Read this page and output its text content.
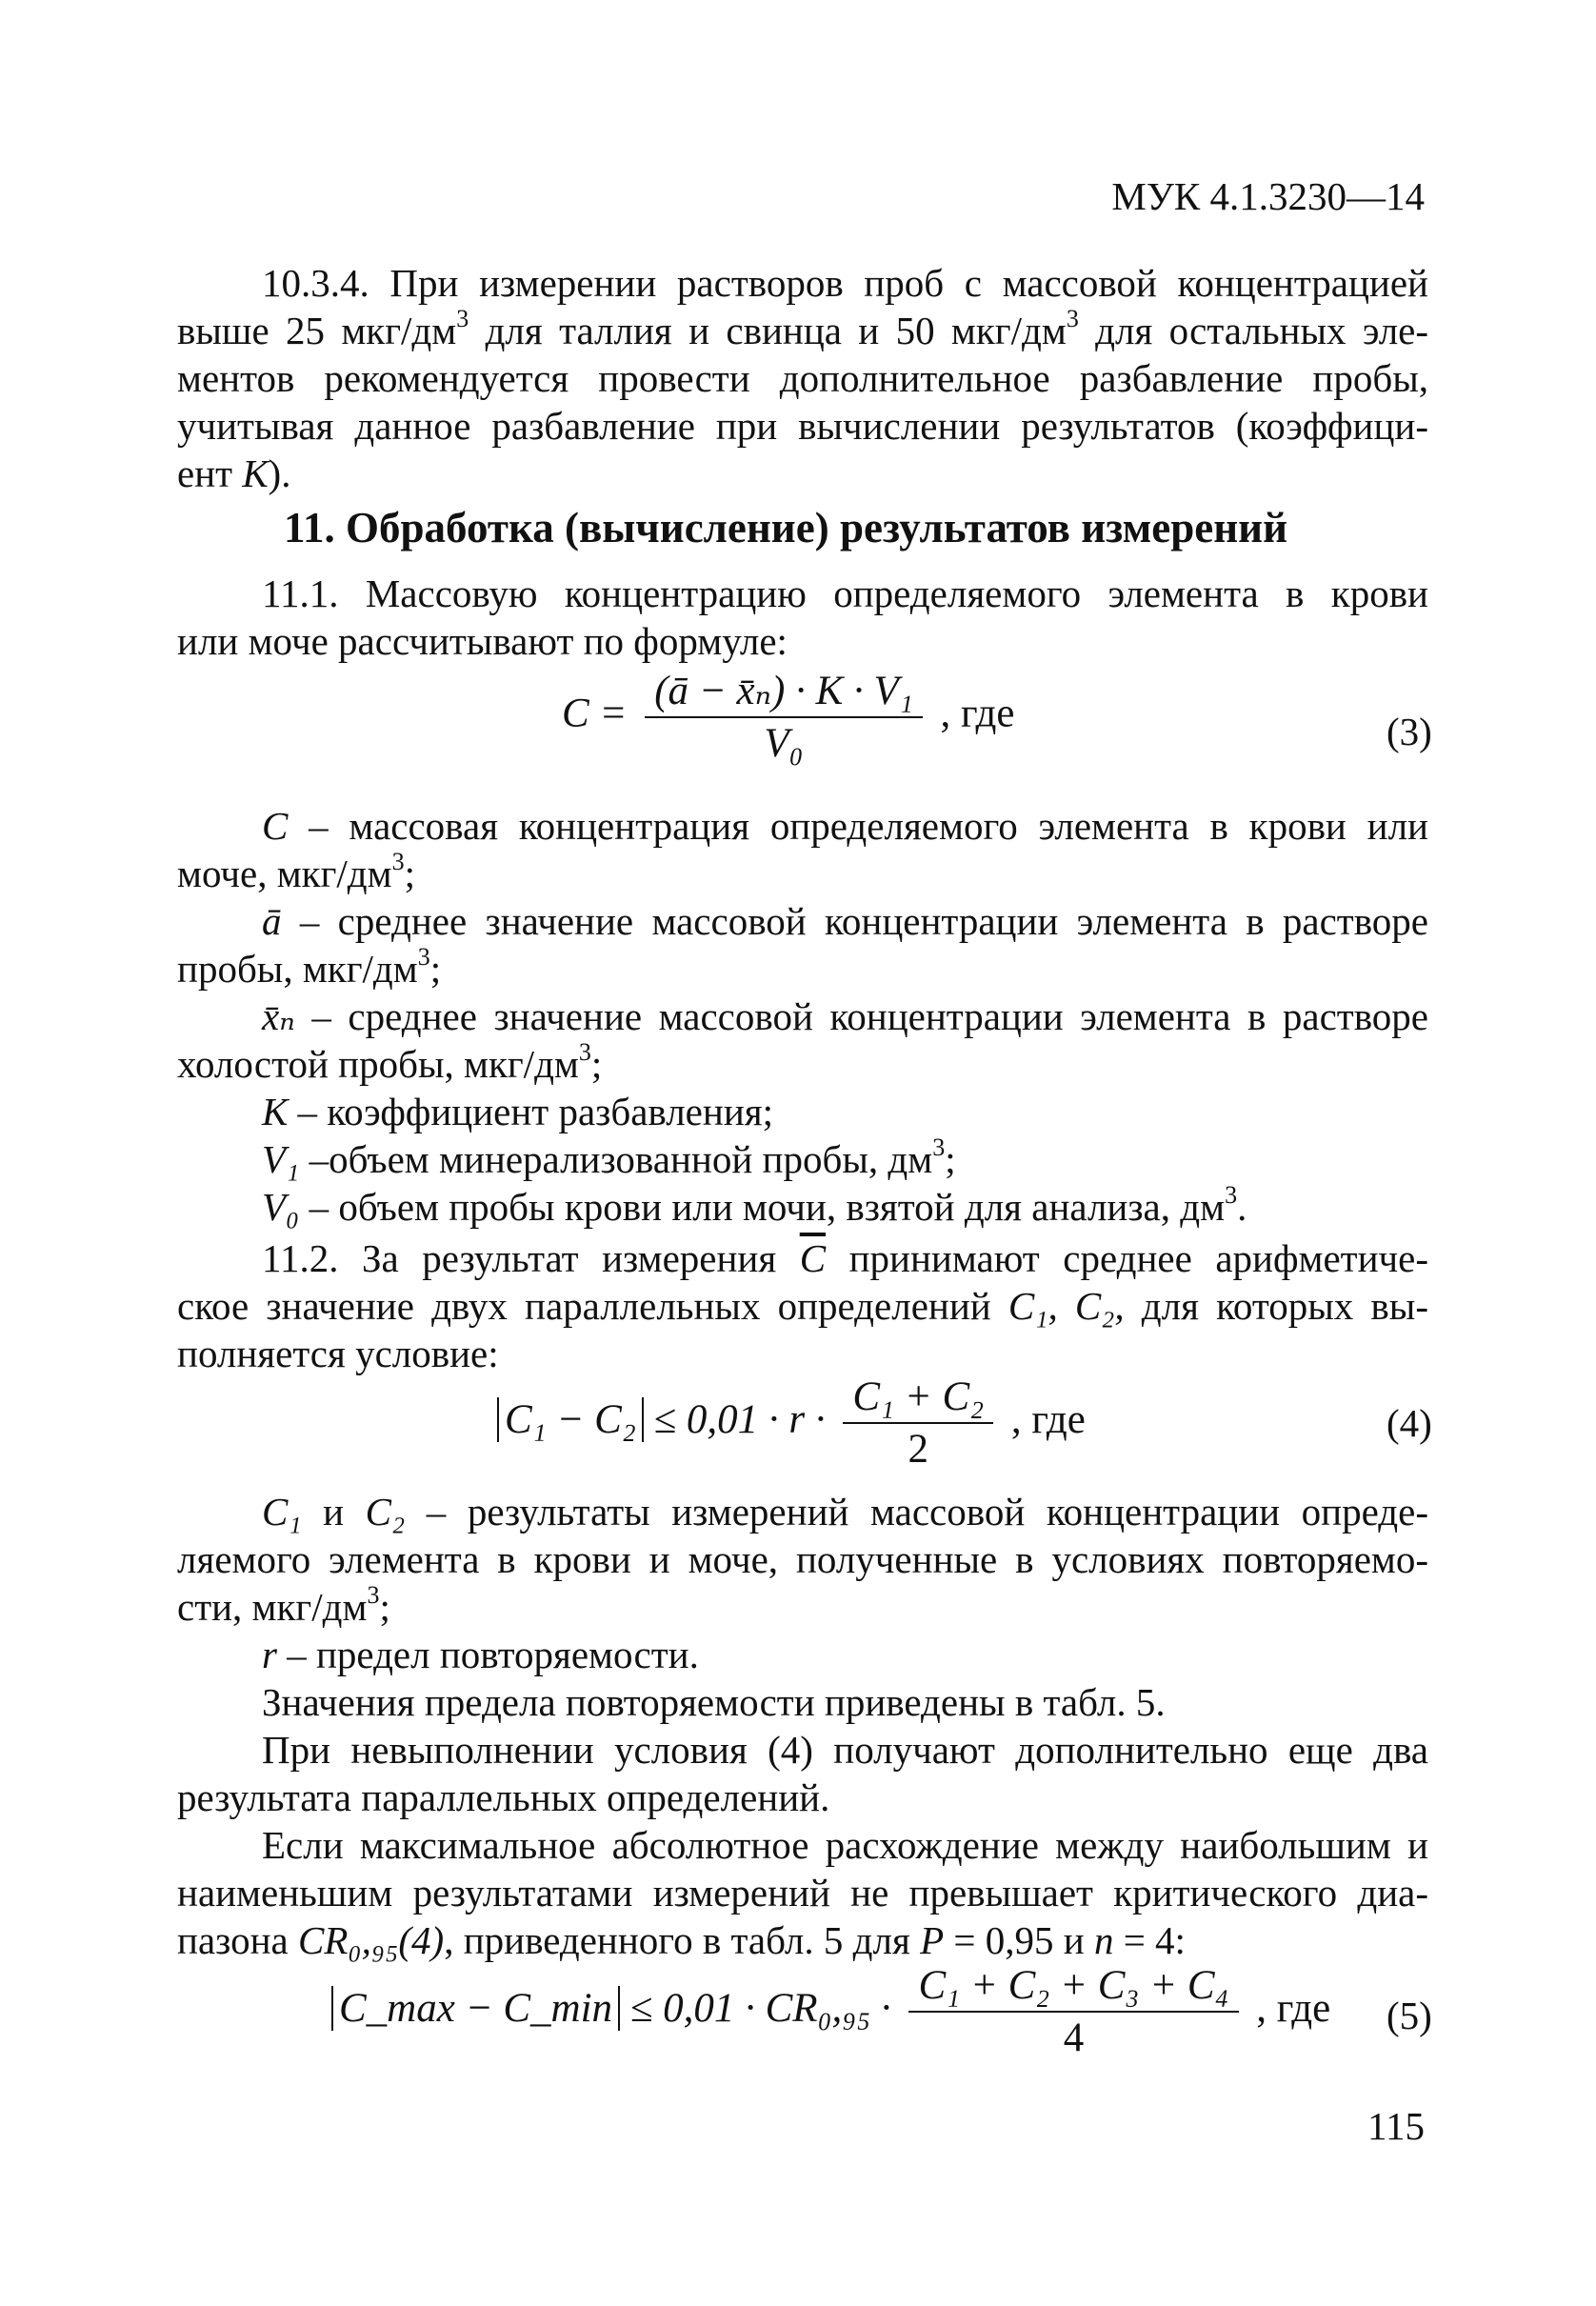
МУК 4.1.3230—14
10.3.4. При измерении растворов проб с массовой концентрацией
выше 25 мкг/$дм^3$ для таллия и свинца и 50 мкг/$дм^3$ для остальных эле-
ментов рекомендуется провести дополнительное разбавление пробы,
учитывая данное разбавление при вычислении результатов (коэффици-
ент К).
11. Обработка (вычисление) результатов измерений
11.1. Массовую концентрацию определяемого элемента в крови
или моче рассчитывают по формуле:
$C = \frac{\text{(ā − x̄ₙ) · K · V₁}}{\text{V₀}}$ , где	(3)
C – массовая концентрация определяемого элемента в крови или
моче, мкг/$дм^3$;
ā – среднее значение массовой концентрации элемента в растворе
пробы, мкг/$дм^3$;
x̄ₙ – среднее значение массовой концентрации элемента в растворе
холостой пробы, мкг/$дм^3$;
К – коэффициент разбавления;
V₁ –объем минерализованной пробы, $дм^3$;
V₀ – объем пробы крови или мочи, взятой для анализа, $дм^3$.
11.2. За результат измерения $\overline{C}$ принимают среднее арифметиче-
ское значение двух параллельных определений C₁, C₂, для которых вы-
полняется условие:
$C_1 - C_2 \le 0,01 \cdot r \cdot \frac{\text{C₁ + C₂}}{2}$ , где	(4)
C₁ и C₂ – результаты измерений массовой концентрации опреде-
ляемого элемента в крови и моче, полученные в условиях повторяемо-
сти, мкг/$дм^3$;
r – предел повторяемости.
Значения предела повторяемости приведены в табл. 5.
При невыполнении условия (4) получают дополнительно еще два
результата параллельных определений.
Если максимальное абсолютное расхождение между наибольшим и
наименьшим результатами измерений не превышает критического диа-
пазона CR₀,₉₅(4), приведенного в табл. 5 для P = 0,95 и n = 4:
C_max − C_min ≤ $0,01 \cdot CR_0,_{95} \cdot \frac{\text{C₁ + C₂ + C₃ + C₄}}{4}$ , где (5)
115
